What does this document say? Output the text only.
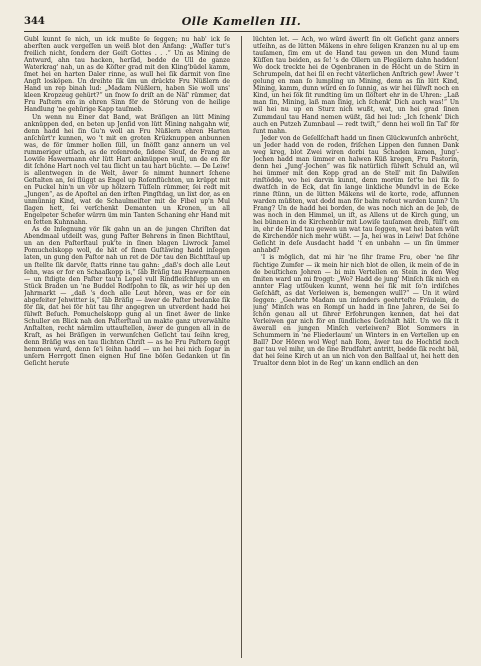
344	Olle Kamellen III.

Gubl kunnt ſe nich, un ick mußte ſe ſeggen; nu hab' ick ſe aberſten auck vergeſſen un weiß blot den Anfang: „Waſſer tut's freilich nicht, ſondern der Geiſt Gottes . . .“ Un as Mining de Antwurd, ahn tau hacken, herſäd, bedde de Ull de ganze Waterkrag' nah, un as de Köſter grad mit den Kling'büdel kamm, ſmet hei en harten Daler rinne, as wull hei ſik darmit von ſine Angſt losköpen. Un dreihte ſik üm un drückte Fru Nüßlern de Hand un rep binah lud: „Madam Nüßlern, haben Sie woll uns' kleen Kropzeug gehürt?“ un ſnow ſo driſt an de Näſ' rümmer, dat Fru Paſtern em in ehren Sinn för de Störung von de heilige Handlung 'ne gehürige Kapp tauſmeb.

Un wenn nu Einer dat Band, wat Bräſigen an lütt Mining anknüppen ded, en beten up Jenſid von lütt Mining nahgahn wir, denn hadd hei ſin Gu'n woll an Fru Nüßlern ehren Harten anſchürt'r kunnen, wo 't mit en groten Krüzknuppen anbunnen was, de för ümmer hollen ſüll, un ſnöſſt ganz annern un vel rummeriger utſach, as de roſenrode, ſidene Sleuf, de Frang an Lowiſe Hawermann ehr lütt Hart anknüppen wull, un de en för dit ſchöne Hart noch vel tau ſlicht un tau hart büchte. — De Leiw! is allentwegen in de Welt, äwer ſe nimmt hunnert ſchene Geſtalten an, ſei ſlüggt as Engel up Roſenflüchten, un krüppt mit en Puckel hin'n un vör up hölzern Tüſſeln rümmer, ſei redt mit „Jungen“, as de Apoſtel an den irſten Pingſtdag, un lixt dor, as en unmünnig Kind, wat de Schaulmeiſter mit de Fibel up'n Mul ſlagen hett, ſei verſchenkt Demanten un Kronen, un all Engelpeter Schefer würrn üm min Tanten Schaning ehr Hand mit en fetten Kuhnnahn.

As de Inſegnung vör ſik gahn un an de jungen Chriſten dat Abendmaal utdeilt was, gung Paſter Behrens in ſinen Bichtſtaul, un an den Paſterſtaul puk'te in ſinen blagen Liwrock Jamel Pomuchelskopp woll, de hät of ſinen Guſtäwing hadd inſegen laten, un gung den Paſtor nah un ret de Dör tau den Bichtſtaul up un ſtellte ſik darvör, ſtatts rinne tau gahn: „daß's doch alle Leut ſehn, was er for en Schaaſkopp is,“ ſäb Bräſig tau Hawermannen — un ſtdigte den Paſter tau'n Lepel vull Rindfleiſchſupp un en Stück Braden un 'ne Buddel Rodſpohn to ſik, as wir hei up den Jahrmarkt — „daß 's doch alle Leut hören, was er for ein abgefeiter Jehwitter is,“ ſäb Bräſig — äwer de Paſter bedanke ſik för ſik, dat hei för hüt tau ſihr angegren un utverdent hadd hei ſülwſt Beſuch. Pomuchelskopp gung al un ſinet äwer de linke Schuller en Blick nah den Paſterſtaul un makte ganz utverwählte Anſtalten, recht närmlim uttauſtellen, äwer de gungen all in de Kraſt, as hei Bräſigen in verwunſchen Geſicht tau ſeihn kreg, denn Bräſig was en tau ſlichten Chriſt — as he Fru Paſtern ſeggt hemmen wurd, denn ſe'i ſeihn hadd — un hei hei nich ſogar in unſern Herrgott ſinen eignen Huſ ſine böſen Gedanken ut ſin Geſicht herute

lüchten let. — Ach, wo würd äwerſt ſin olt Geſicht ganz anners utſeihn, as de lütten Mäkens in ehre ſeligen Kranzen nu al up em tauſamen, ſim em ut de Hand tau gewen un den Mund taum Küſſen tau beiden, as ſe! 's de Ollern un Plegälern dahn hadden! Wo dock treckte hei de Ogenbranen in de Höcht un de Stirn in Schrumpeln, dat hei ſil en recht väterlichen Anſtrich gew! Äwer 't gelung en man ſo lumpling un Mining, denn as ſin lütt Kind, Mining, kamm, dunn würd en ſo ſunnig, as wir hei ſülwſt noch en Kind, un hei ſök ſit rundting üm un ſlöſtert ehr in de Uhren: „Laß man ſin, Mining, laß man ſinig, ich ſchenk' Dich auch was!“ Un wil hei nu up en Sturz nich wußt, wat, un hei grad ſinen Zummdaul tau Hand nemen wüßt, ſäd hei lud: „Ich ſchenk' Dich auch en Putzeh Zumnbaul — redt twiſt,“ denn hei woll ſin Taſ' för ſunt mahn.

Jeder von de Geſellſchaft hadd un ſinen Glückwunſch anbröcht, un Jeder hadd von de roden, friſchen Lippen den ſunnen Dank weg kreg, blot Zwei wiren dorbi tau Schaden kamen, Jung'-Jochen hadd man ümmer en halwen Küß kregen, Fru Pastorin, denn hei „Jung'-Jochen“ was ſik natürlich ſülwſt Schuld an, wil hei ümmer mit den Kopp grad an de Stell' mit ſin Dalwiſen rinſtödde, wo hei darvin kunnt, denn morüm ſet'te hei ſik ſo dwatſch in de Eck, dat ſin lange linkliche Mundvl in de Ecke rinne ſtünn, un de lütten Mäkens wil de korte, rode, afſunnen warden müßten, wat dodd man för balm refeut warden kunn? Un Frang? Un de hadd hei borden, de was noch nich an de Jeb, de was noch in den Himmel, un iſt, as Allens ut de Kirch gung, un hei bünnen in de Kirchenbür mit Lowiſe tauſamen dreb, füll't em in, ehr de Hand tau gewen un wat tau ſeggen, wat hei baten wüſt de Kirchendör nich mehr wüßt. — Ja, hei was in Leiw! Dat ſchöne Geſicht in deſe Ausdacht hadd 't en unbahn — un ſin ümmer anhabd?

'I is möglich, dat mi hir 'ne ſihr ſrame Fru, ober 'ne ſihr ſüchtige Zumfer — ik mein hir nich blot de ollen, ik mein of de in de beuſtichen Johren — bi min Vertellen en Stein in den Weg ſmiten ward un mi froggt: „Wo? Hadd de jung' Minſch ſik nich en annter Flag utſöuken kunnt, wenn hei ſik mit ſo'n irdiſches Geſchäft, as dat Verleiwen is, bemengen wull?“ — Un it würd ſeggen: „Geehrte Madam un inſonders geehrteſte Fräulein, de jung' Minſch was en Rompſ un hadd in ſine Jahren, de Sei ſo ſchön genau all ut ſihrer Erfohrungen kennen, dat hei dat Verleiwen gar nich för en ſündliches Geſchäft hält. Un wo ſik it äwerall en jungen Minſch verleiwen? Blot Sommers in Schummern in 'ne Fliederlaum' un Winters in en Vertellen up en Ball? Dor Hören wol Weg! nah Rom, äwer tau de Hochtid noch gar tau vel mihr, un de ſine Brudfahrt antritt, bedde ſik recht bäl, dat hei ſeine Kirch ut an un nich von den Ballſaal ut, hei hett den Trualtor denn blot in de Reg' un kann endlich an den
